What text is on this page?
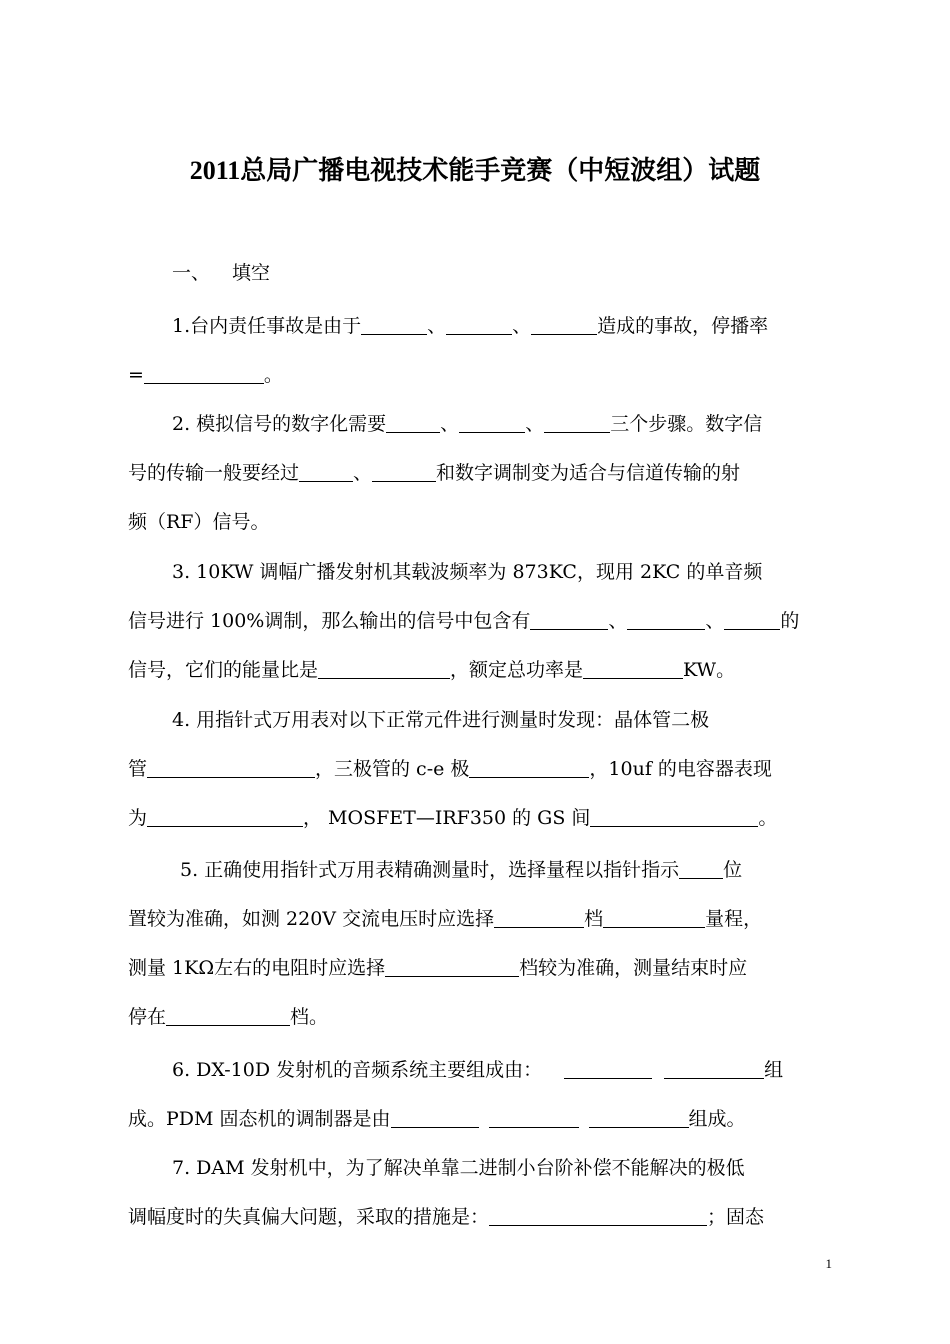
2011总局广播电视技术能手竞赛（中短波组）试题
一、 填空
1.台内责任事故是由于	、	、	造成的事故，停播率
=	。
2. 模拟信号的数字化需要	、	、	三个步骤。数字信
号的传输一般要经过	、	和数字调制变为适合与信道传输的射
频（RF）信号。
3. 10KW 调幅广播发射机其载波频率为 873KC，现用 2KC 的单音频
信号进行 100%调制，那么输出的信号中包含有	、	、	的
信号，它们的能量比是	，额定总功率是	KW。
4. 用指针式万用表对以下正常元件进行测量时发现：晶体管二极
管	，三极管的 c-e 极	，10uf 的电容器表现
为	， MOSFET—IRF350 的 GS 间	。
5. 正确使用指针式万用表精确测量时，选择量程以指针指示 位
置较为准确，如测 220V 交流电压时应选择	档	量程，
测量 1KΩ左右的电阻时应选择	档较为准确，测量结束时应
停在	档。
6. DX-10D 发射机的音频系统主要组成由：	组
成。PDM 固态机的调制器是由	组成。
7. DAM 发射机中，为了解决单靠二进制小台阶补偿不能解决的极低
调幅度时的失真偏大问题，采取的措施是：	；固态
1
